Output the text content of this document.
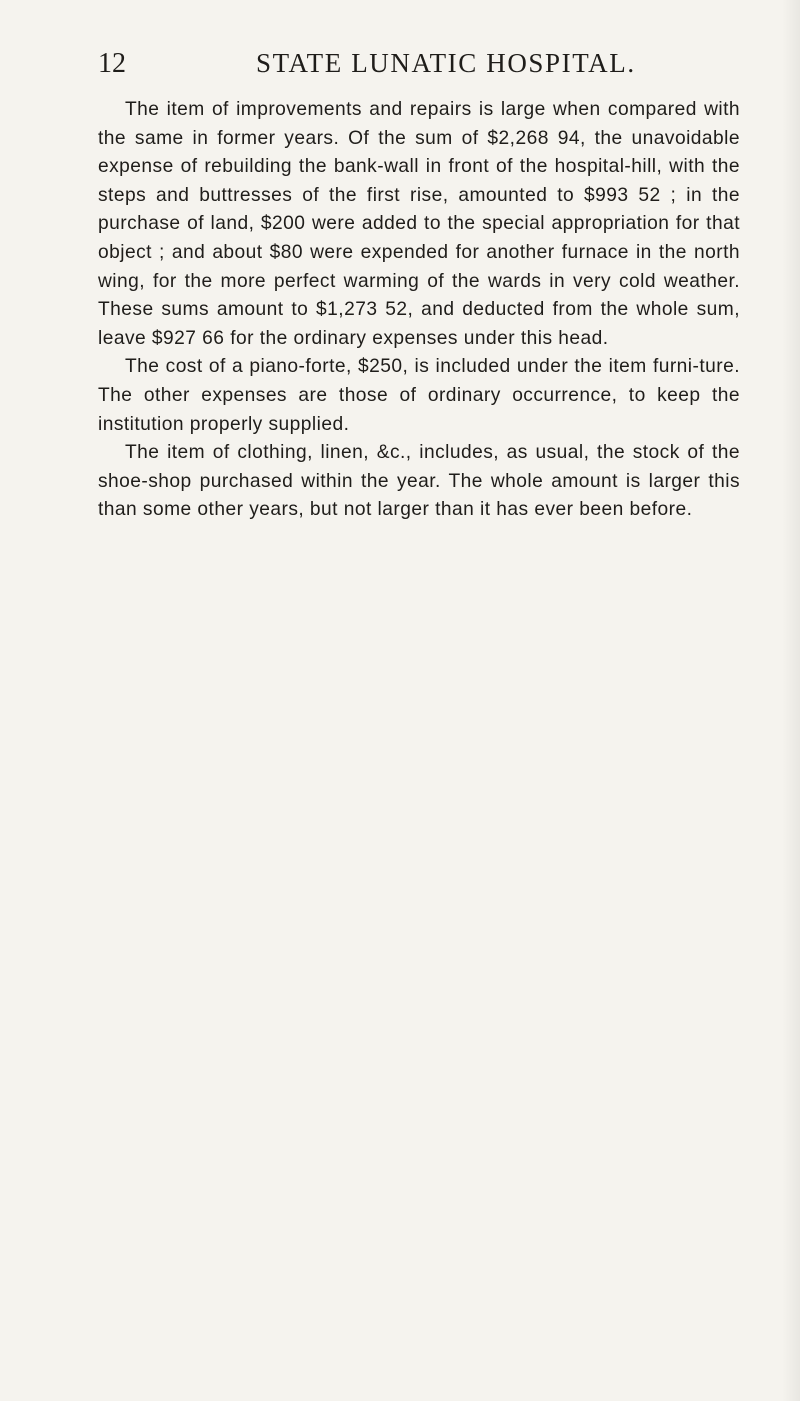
12	STATE LUNATIC HOSPITAL.

The item of improvements and repairs is large when compared with the same in former years. Of the sum of $2,268 94, the unavoidable expense of rebuilding the bank-wall in front of the hospital-hill, with the steps and buttresses of the first rise, amounted to $993 52 ; in the purchase of land, $200 were added to the special appropriation for that object ; and about $80 were expended for another furnace in the north wing, for the more perfect warming of the wards in very cold weather. These sums amount to $1,273 52, and deducted from the whole sum, leave $927 66 for the ordinary expenses under this head.

The cost of a piano-forte, $250, is included under the item furni-ture. The other expenses are those of ordinary occurrence, to keep the institution properly supplied.

The item of clothing, linen, &c., includes, as usual, the stock of the shoe-shop purchased within the year. The whole amount is larger this than some other years, but not larger than it has ever been before.
